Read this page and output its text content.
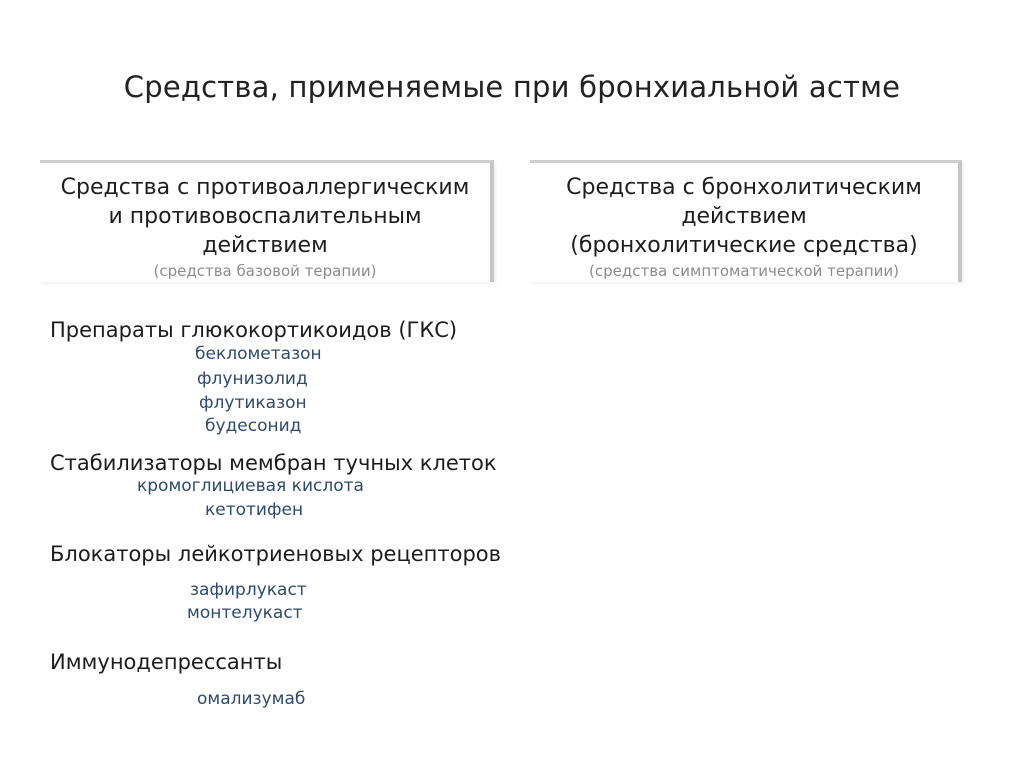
Средства, применяемые при бронхиальной астме
Средства с противоаллергическим
и противовоспалительным
действием
(средства базовой терапии)
Средства с бронхолитическим
действием
(бронхолитические средства)
(средства симптоматической терапии)
Препараты глюкокортикоидов (ГКС)
беклометазон
флунизолид
флутиказон
будесонид
Стабилизаторы мембран тучных клеток
кромоглициевая кислота
кетотифен
Блокаторы лейкотриеновых рецепторов
зафирлукаст
монтелукаст
Иммунодепрессанты
омализумаб
